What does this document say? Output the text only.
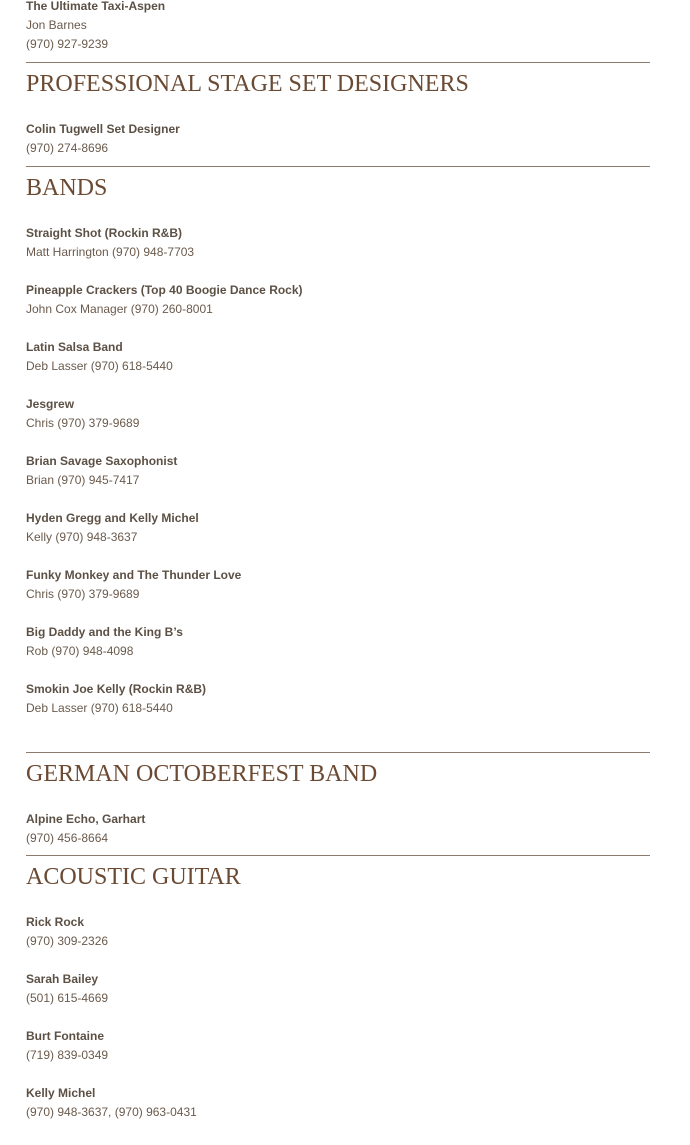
The Ultimate Taxi-Aspen
Jon Barnes
(970) 927-9239
PROFESSIONAL STAGE SET DESIGNERS
Colin Tugwell Set Designer
(970) 274-8696
BANDS
Straight Shot (Rockin R&B)
Matt Harrington (970) 948-7703
Pineapple Crackers (Top 40 Boogie Dance Rock)
John Cox Manager (970) 260-8001
Latin Salsa Band
Deb Lasser (970) 618-5440
Jesgrew
Chris (970) 379-9689
Brian Savage Saxophonist
Brian (970) 945-7417
Hyden Gregg and Kelly Michel
Kelly (970) 948-3637
Funky Monkey and The Thunder Love
Chris (970) 379-9689
Big Daddy and the King B’s
Rob (970) 948-4098
Smokin Joe Kelly (Rockin R&B)
Deb Lasser (970) 618-5440
GERMAN OCTOBERFEST BAND
Alpine Echo, Garhart
(970) 456-8664
ACOUSTIC GUITAR
Rick Rock
(970) 309-2326
Sarah Bailey
(501) 615-4669
Burt Fontaine
(719) 839-0349
Kelly Michel
(970) 948-3637, (970) 963-0431
